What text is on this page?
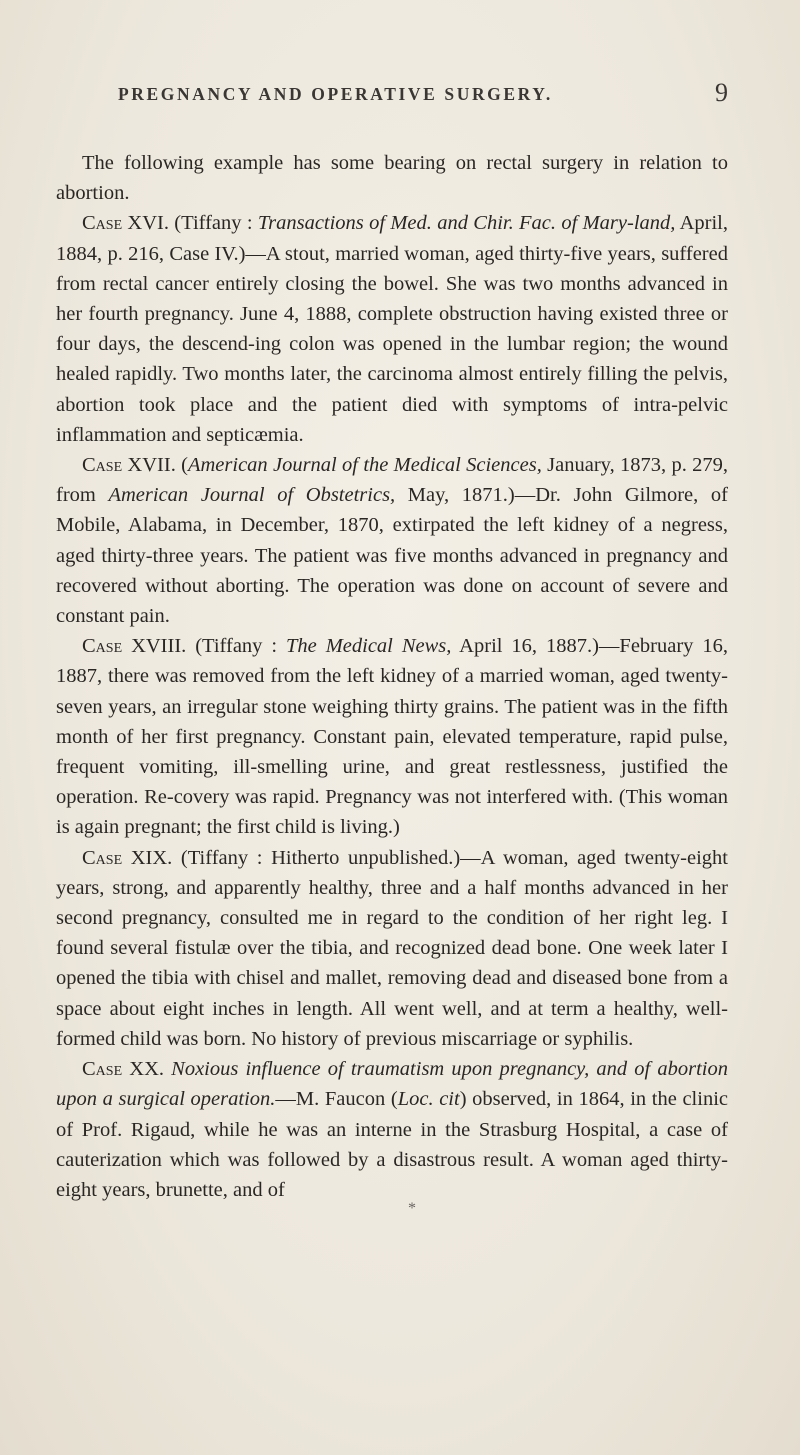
PREGNANCY AND OPERATIVE SURGERY.	9

The following example has some bearing on rectal surgery in relation to abortion.

Case XVI. (Tiffany : Transactions of Med. and Chir. Fac. of Mary-land, April, 1884, p. 216, Case IV.)—A stout, married woman, aged thirty-five years, suffered from rectal cancer entirely closing the bowel. She was two months advanced in her fourth pregnancy. June 4, 1888, complete obstruction having existed three or four days, the descend-ing colon was opened in the lumbar region; the wound healed rapidly. Two months later, the carcinoma almost entirely filling the pelvis, abortion took place and the patient died with symptoms of intra-pelvic inflammation and septicæmia.

Case XVII. (American Journal of the Medical Sciences, January, 1873, p. 279, from American Journal of Obstetrics, May, 1871.)—Dr. John Gilmore, of Mobile, Alabama, in December, 1870, extirpated the left kidney of a negress, aged thirty-three years. The patient was five months advanced in pregnancy and recovered without aborting. The operation was done on account of severe and constant pain.

Case XVIII. (Tiffany : The Medical News, April 16, 1887.)—February 16, 1887, there was removed from the left kidney of a married woman, aged twenty-seven years, an irregular stone weighing thirty grains. The patient was in the fifth month of her first pregnancy. Constant pain, elevated temperature, rapid pulse, frequent vomiting, ill-smelling urine, and great restlessness, justified the operation. Re-covery was rapid. Pregnancy was not interfered with. (This woman is again pregnant; the first child is living.)

Case XIX. (Tiffany : Hitherto unpublished.)—A woman, aged twenty-eight years, strong, and apparently healthy, three and a half months advanced in her second pregnancy, consulted me in regard to the condition of her right leg. I found several fistulæ over the tibia, and recognized dead bone. One week later I opened the tibia with chisel and mallet, removing dead and diseased bone from a space about eight inches in length. All went well, and at term a healthy, well-formed child was born. No history of previous miscarriage or syphilis.

Case XX. Noxious influence of traumatism upon pregnancy, and of abortion upon a surgical operation.—M. Faucon (Loc. cit) observed, in 1864, in the clinic of Prof. Rigaud, while he was an interne in the Strasburg Hospital, a case of cauterization which was followed by a disastrous result. A woman aged thirty-eight years, brunette, and of

*
